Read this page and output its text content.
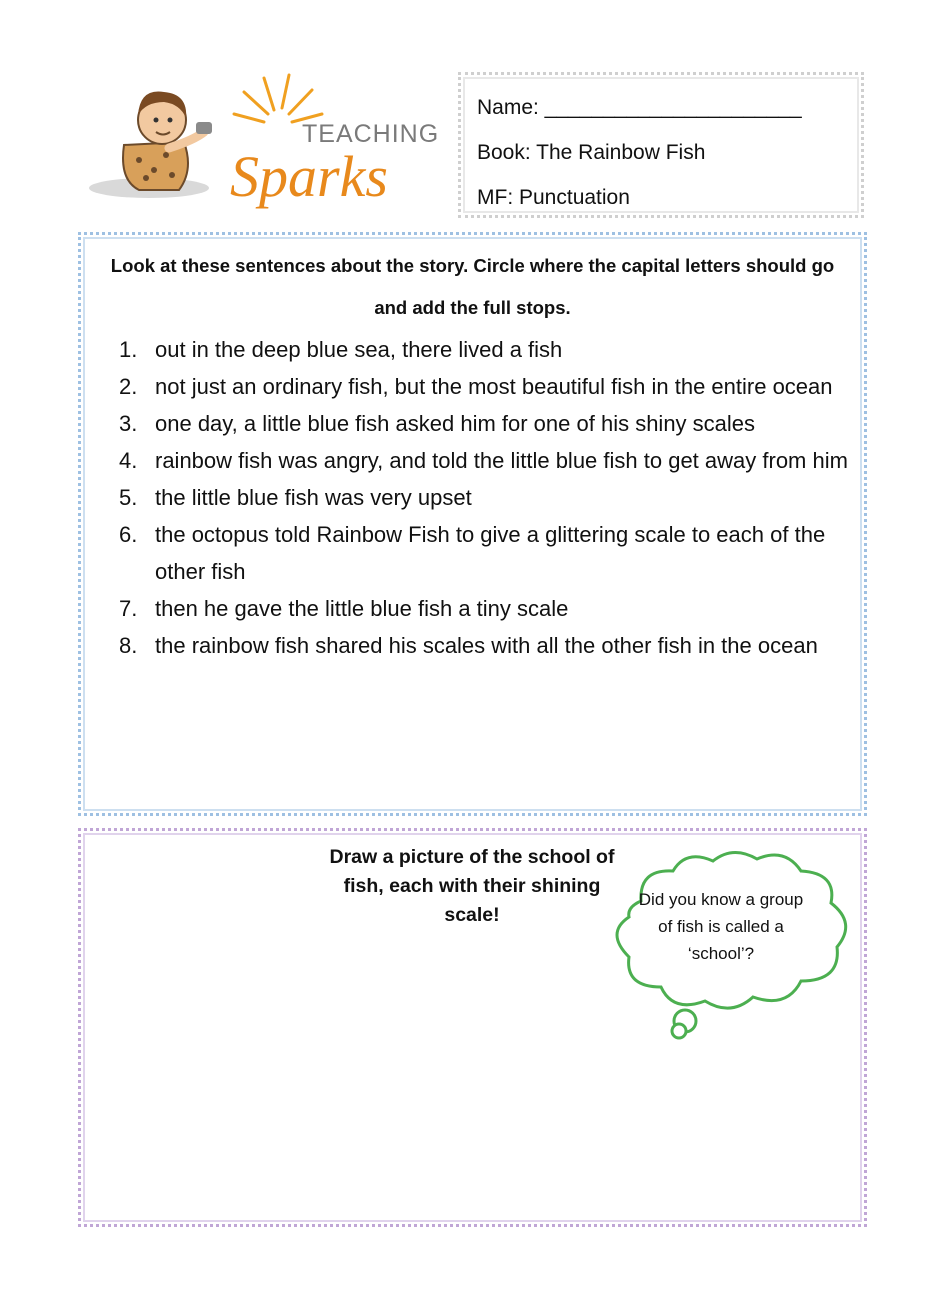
TEACHING
Sparks
Name: ______________________
Book: The Rainbow Fish
MF: Punctuation
Look at these sentences about the story. Circle where the capital letters should go and add the full stops.
1. out in the deep blue sea, there lived a fish
2. not just an ordinary fish, but the most beautiful fish in the entire ocean
3. one day, a little blue fish asked him for one of his shiny scales
4. rainbow fish was angry, and told the little blue fish to get away from him
5. the little blue fish was very upset
6. the octopus told Rainbow Fish to give a glittering scale to each of the other fish
7. then he gave the little blue fish a tiny scale
8. the rainbow fish shared his scales with all the other fish in the ocean
Draw a picture of the school of fish, each with their shining scale!
Did you know a group of fish is called a ‘school’?
